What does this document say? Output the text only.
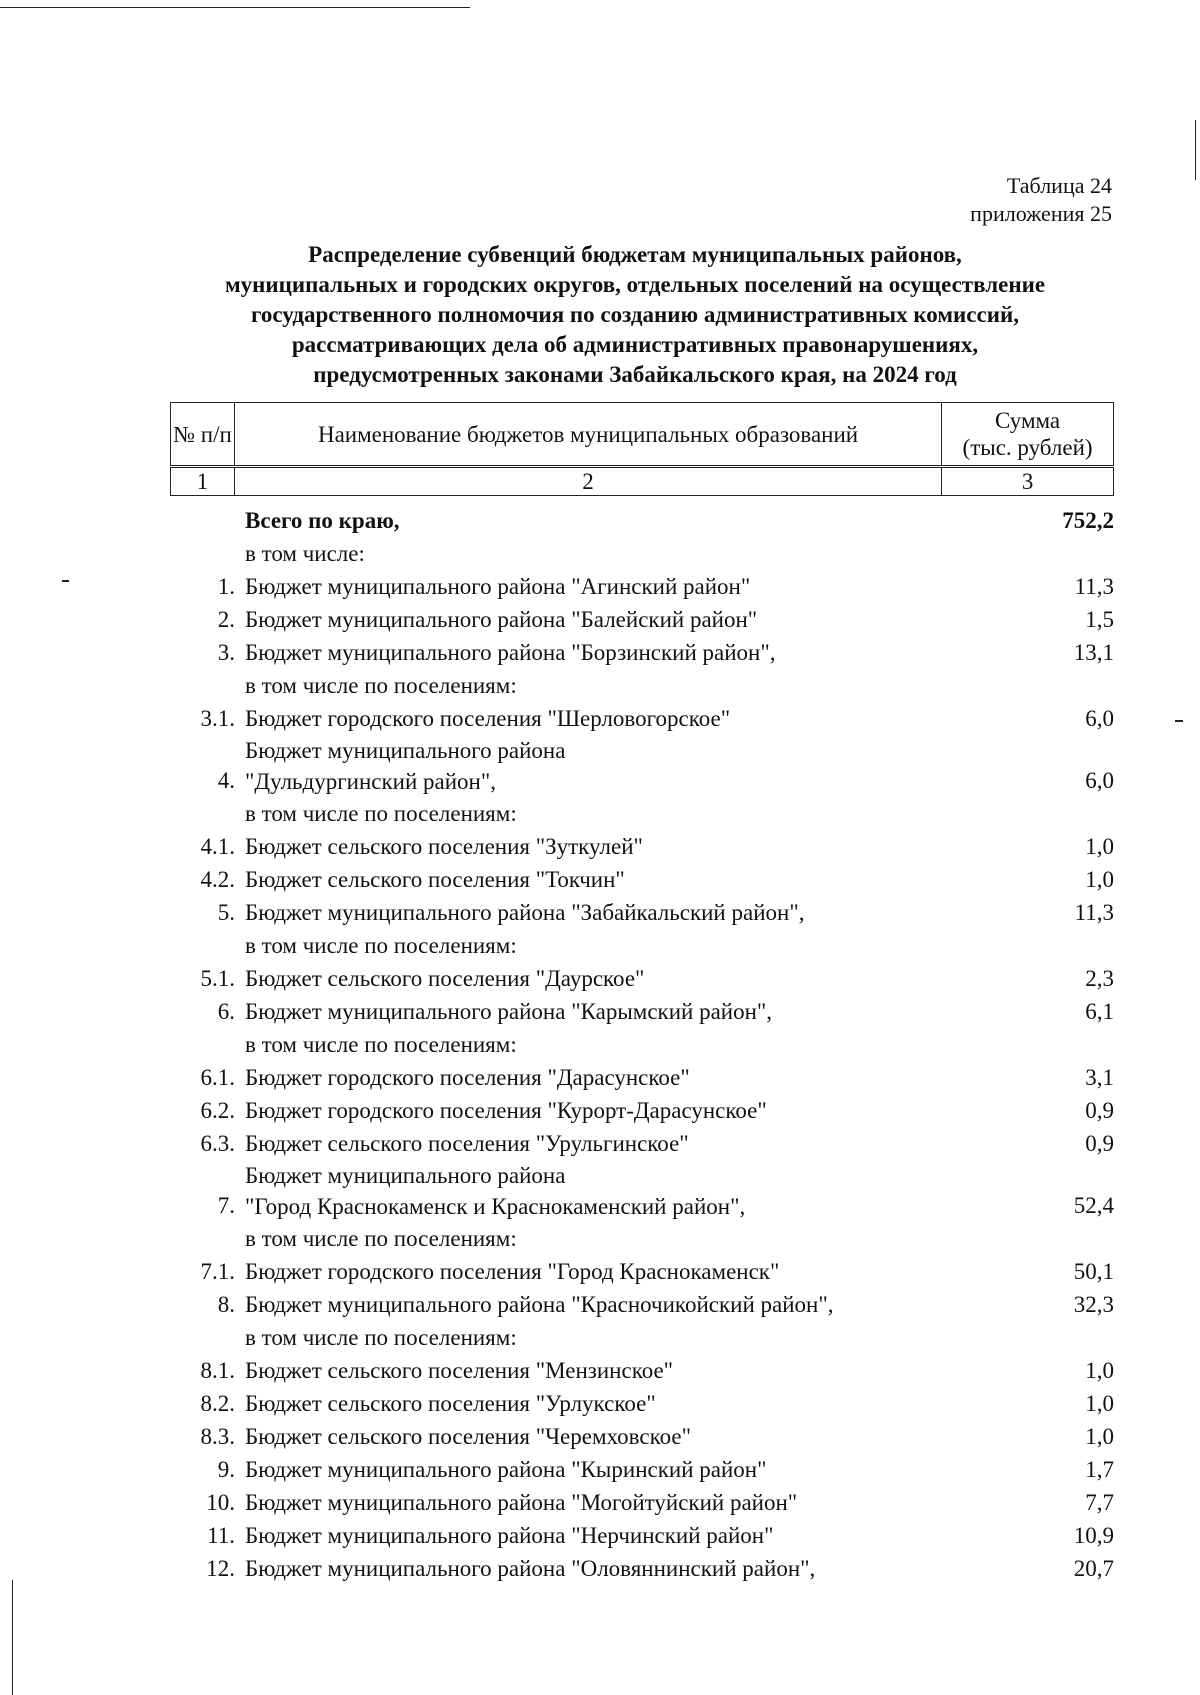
Таблица 24
приложения 25
Распределение субвенций бюджетам муниципальных районов,
муниципальных и городских округов, отдельных поселений на осуществление
государственного полномочия по созданию административных комиссий,
рассматривающих дела об административных правонарушениях,
предусмотренных законами Забайкальского края, на 2024 год
№ п/п	Наименование бюджетов муниципальных образований	Сумма
(тыс. рублей)

1	2	3
Всего по краю,	752,2
в том числе:
1. Бюджет муниципального района "Агинский район"	11,3
2. Бюджет муниципального района "Балейский район"	1,5
3. Бюджет муниципального района "Борзинский район",	13,1
в том числе по поселениям:
3.1. Бюджет городского поселения "Шерловогорское"	6,0
4.
Бюджет муниципального района
"Дульдургинский район",	6,0
в том числе по поселениям:
4.1. Бюджет сельского поселения "Зуткулей"	1,0
4.2. Бюджет сельского поселения "Токчин"	1,0
5. Бюджет муниципального района "Забайкальский район",	11,3
в том числе по поселениям:
5.1. Бюджет сельского поселения "Даурское"	2,3
6. Бюджет муниципального района "Карымский район",	6,1
в том числе по поселениям:
6.1. Бюджет городского поселения "Дарасунское"	3,1
6.2. Бюджет городского поселения "Курорт-Дарасунское"	0,9
6.3. Бюджет сельского поселения "Урульгинское"	0,9
7.
Бюджет муниципального района
"Город Краснокаменск и Краснокаменский район",	52,4
в том числе по поселениям:
7.1. Бюджет городского поселения "Город Краснокаменск"	50,1
8. Бюджет муниципального района "Красночикойский район",	32,3
в том числе по поселениям:
8.1. Бюджет сельского поселения "Мензинское"	1,0
8.2. Бюджет сельского поселения "Урлукское"	1,0
8.3. Бюджет сельского поселения "Черемховское"	1,0
9. Бюджет муниципального района "Кыринский район"	1,7
10. Бюджет муниципального района "Могойтуйский район"	7,7
11. Бюджет муниципального района "Нерчинский район"	10,9
12. Бюджет муниципального района "Оловяннинский район",	20,7
